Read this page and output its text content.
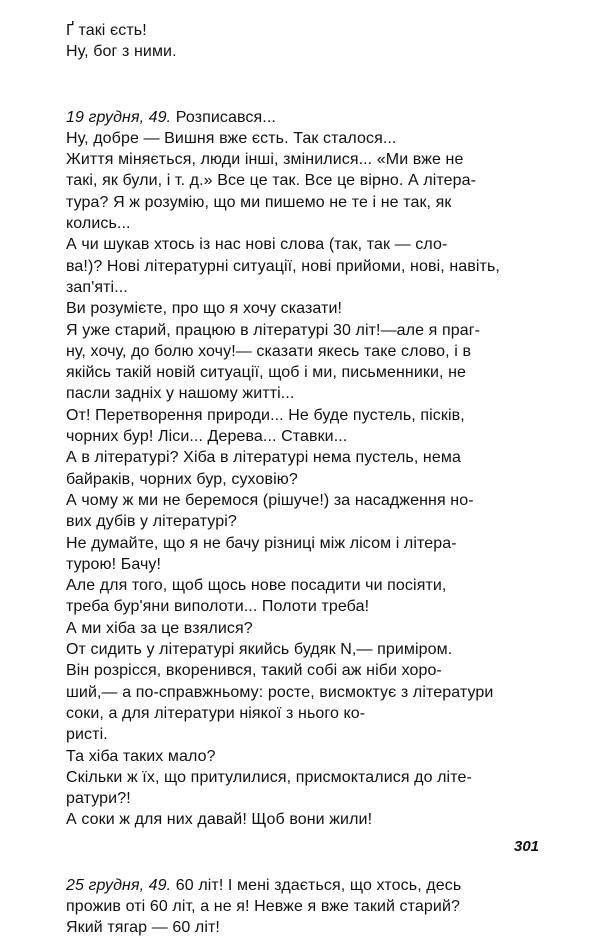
Ґ такі єсть!
Ну, бог з ними.
19 грудня, 49. Розписався...
Ну, добре — Вишня вже єсть. Так сталося...
Життя міняється, люди інші, змінилися... «Ми вже не
такі, як були, і т. д.» Все це так. Все це вірно. А літера-
тура? Я ж розумію, що ми пишемо не те і не так, як
колись...
А чи шукав хтось із нас нові слова (так, так — сло-
ва!)? Нові літературні ситуації, нові прийоми, нові, навіть,
зап'яті...
Ви розумієте, про що я хочу сказати!
Я уже старий, працюю в літературі 30 літ!—але я праг-
ну, хочу, до болю хочу!— сказати якесь таке слово, і в
якійсь такій новій ситуації, щоб і ми, письменники, не
пасли задніх у нашому житті...
От! Перетворення природи... Не буде пустель, пісків,
чорних бур! Ліси... Дерева... Ставки...
А в літературі? Хіба в літературі нема пустель, нема
байраків, чорних бур, суховію?
А чому ж ми не беремося (рішуче!) за насадження но-
вих дубів у літературі?
Не думайте, що я не бачу різниці між лісом і літера-
турою! Бачу!
Але для того, щоб щось нове посадити чи посіяти,
треба бур'яни виполоти... Полоти треба!
А ми хіба за це взялися?
От сидить у літературі якийсь будяк N,— приміром.
Він розрісся, вкоренився, такий собі аж ніби хоро-
ший,— а по-справжньому: росте, висмоктує з літератури
соки, а для літератури ніякої з нього ко-
ристі.
Та хіба таких мало?
Скільки ж їх, що притулилися, присмокталися до літе-
ратури?!
А соки ж для них давай! Щоб вони жили!
25 грудня, 49. 60 літ! І мені здається, що хтось, десь
прожив оті 60 літ, а не я! Невже я вже такий старий?
Який тягар — 60 літ!
301
